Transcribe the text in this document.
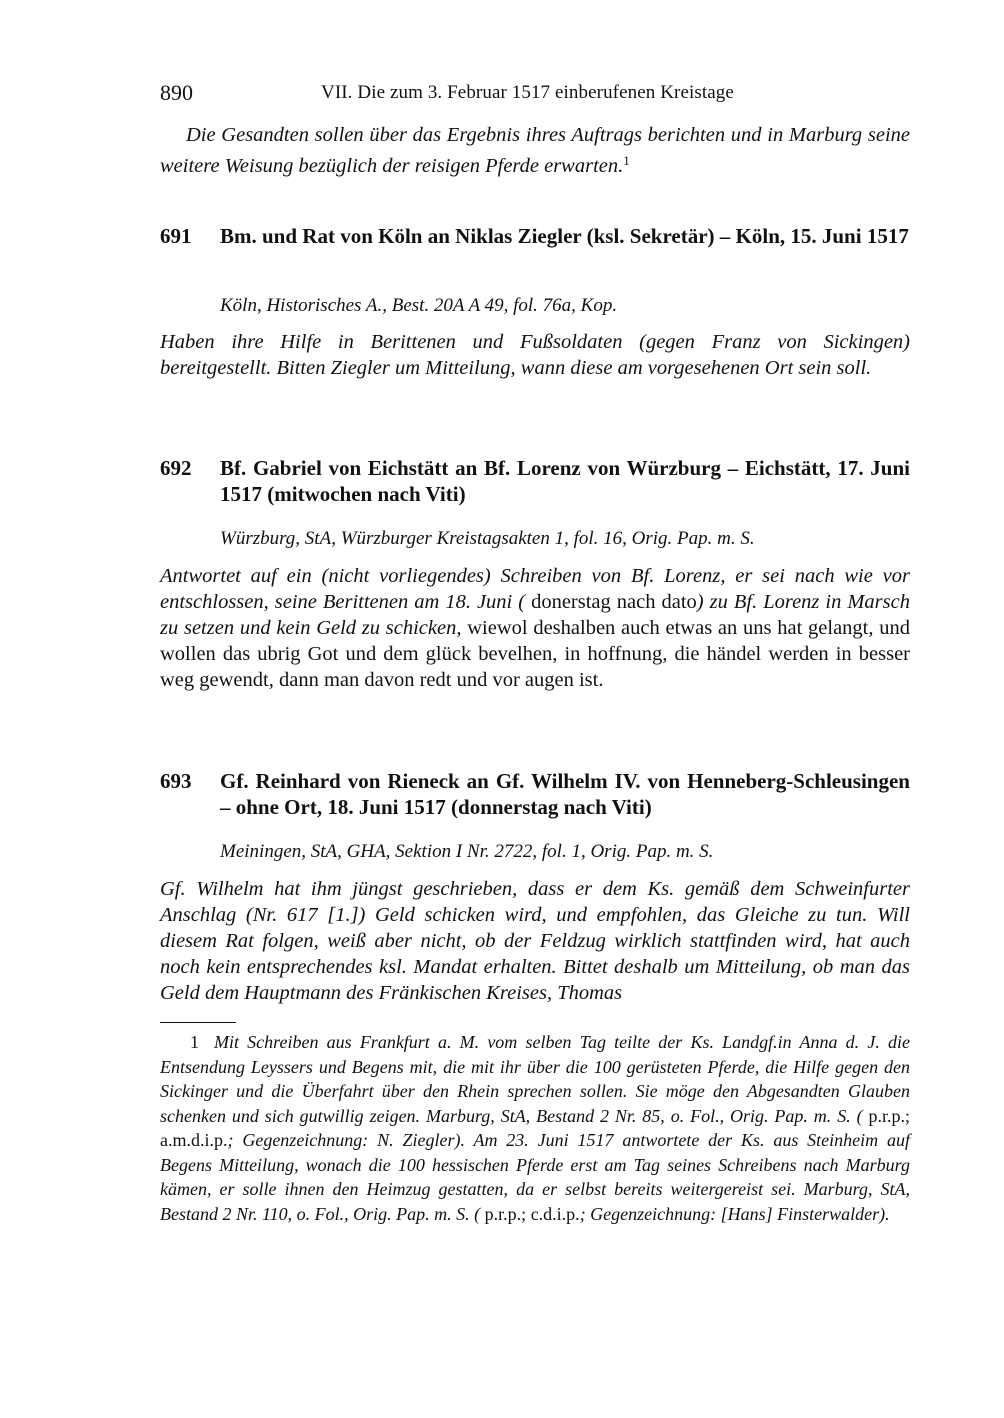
890	VII. Die zum 3. Februar 1517 einberufenen Kreistage
Die Gesandten sollen über das Ergebnis ihres Auftrags berichten und in Marburg seine weitere Weisung bezüglich der reisigen Pferde erwarten.$^1$
691	Bm. und Rat von Köln an Niklas Ziegler (ksl. Sekretär) – Köln, 15. Juni 1517
Köln, Historisches A., Best. 20A A 49, fol. 76a, Kop.
Haben ihre Hilfe in Berittenen und Fußsoldaten (gegen Franz von Sickingen) bereitgestellt. Bitten Ziegler um Mitteilung, wann diese am vorgesehenen Ort sein soll.
692	Bf. Gabriel von Eichstätt an Bf. Lorenz von Würzburg – Eichstätt, 17. Juni 1517 (mitwochen nach Viti)
Würzburg, StA, Würzburger Kreistagsakten 1, fol. 16, Orig. Pap. m. S.
Antwortet auf ein (nicht vorliegendes) Schreiben von Bf. Lorenz, er sei nach wie vor entschlossen, seine Berittenen am 18. Juni ( donerstag nach dato) zu Bf. Lorenz in Marsch zu setzen und kein Geld zu schicken, wiewol deshalben auch etwas an uns hat gelangt, und wollen das ubrig Got und dem glück bevelhen, in hoffnung, die händel werden in besser weg gewendt, dann man davon redt und vor augen ist.
693	Gf. Reinhard von Rieneck an Gf. Wilhelm IV. von Henneberg-Schleusingen – ohne Ort, 18. Juni 1517 (donnerstag nach Viti)
Meiningen, StA, GHA, Sektion I Nr. 2722, fol. 1, Orig. Pap. m. S.
Gf. Wilhelm hat ihm jüngst geschrieben, dass er dem Ks. gemäß dem Schweinfurter Anschlag (Nr. 617 [1.]) Geld schicken wird, und empfohlen, das Gleiche zu tun. Will diesem Rat folgen, weiß aber nicht, ob der Feldzug wirklich stattfinden wird, hat auch noch kein entsprechendes ksl. Mandat erhalten. Bittet deshalb um Mitteilung, ob man das Geld dem Hauptmann des Fränkischen Kreises, Thomas
1 Mit Schreiben aus Frankfurt a. M. vom selben Tag teilte der Ks. Landgf.in Anna d. J. die Entsendung Leyssers und Begens mit, die mit ihr über die 100 gerüsteten Pferde, die Hilfe gegen den Sickinger und die Überfahrt über den Rhein sprechen sollen. Sie möge den Abgesandten Glauben schenken und sich gutwillig zeigen. Marburg, StA, Bestand 2 Nr. 85, o. Fol., Orig. Pap. m. S. ( p.r.p.; a.m.d.i.p.; Gegenzeichnung: N. Ziegler). Am 23. Juni 1517 antwortete der Ks. aus Steinheim auf Begens Mitteilung, wonach die 100 hessischen Pferde erst am Tag seines Schreibens nach Marburg kämen, er solle ihnen den Heimzug gestatten, da er selbst bereits weitergereist sei. Marburg, StA, Bestand 2 Nr. 110, o. Fol., Orig. Pap. m. S. ( p.r.p.; c.d.i.p.; Gegenzeichnung: [Hans] Finsterwalder).
